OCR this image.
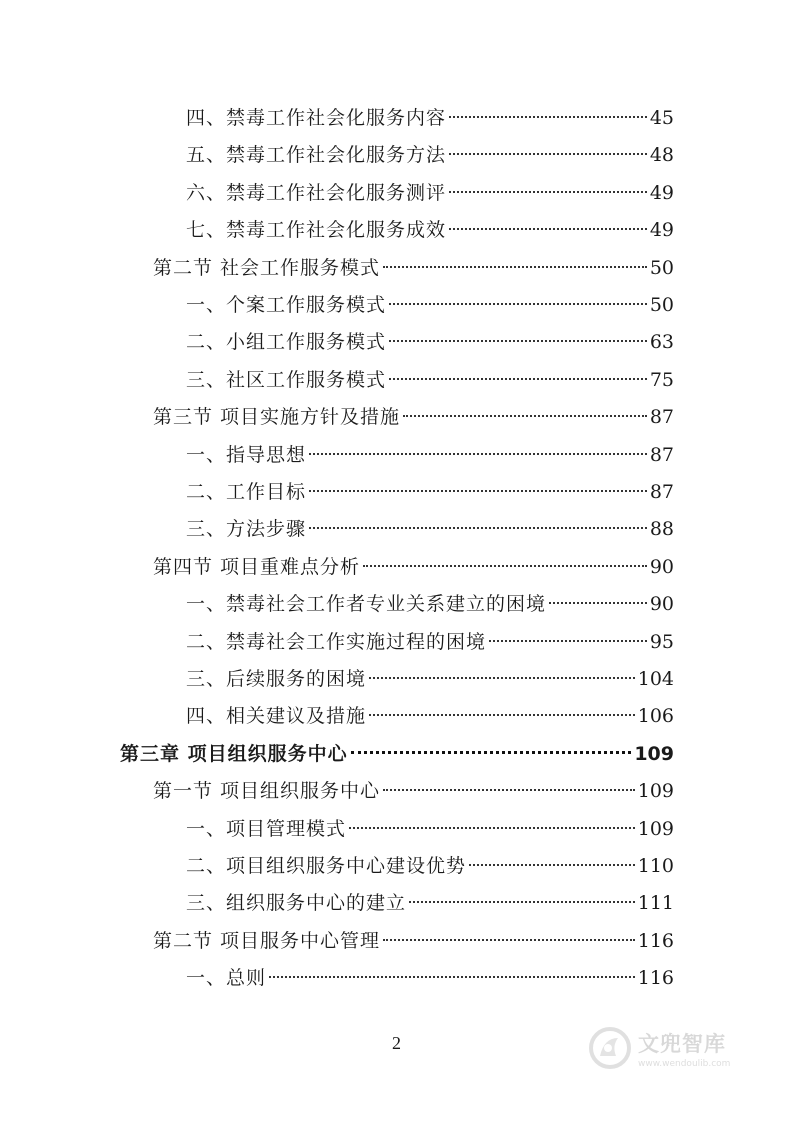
四、禁毒工作社会化服务内容	45
五、禁毒工作社会化服务方法	48
六、禁毒工作社会化服务测评	49
七、禁毒工作社会化服务成效	49
第二节 社会工作服务模式	50
一、个案工作服务模式	50
二、小组工作服务模式	63
三、社区工作服务模式	75
第三节 项目实施方针及措施	87
一、指导思想	87
二、工作目标	87
三、方法步骤	88
第四节 项目重难点分析	90
一、禁毒社会工作者专业关系建立的困境	90
二、禁毒社会工作实施过程的困境	95
三、后续服务的困境	104
四、相关建议及措施	106
第三章 项目组织服务中心	109
第一节 项目组织服务中心	109
一、项目管理模式	109
二、项目组织服务中心建设优势	110
三、组织服务中心的建立	111
第二节 项目服务中心管理	116
一、总则	116
2	文兜智库
www.wendoulib.com
